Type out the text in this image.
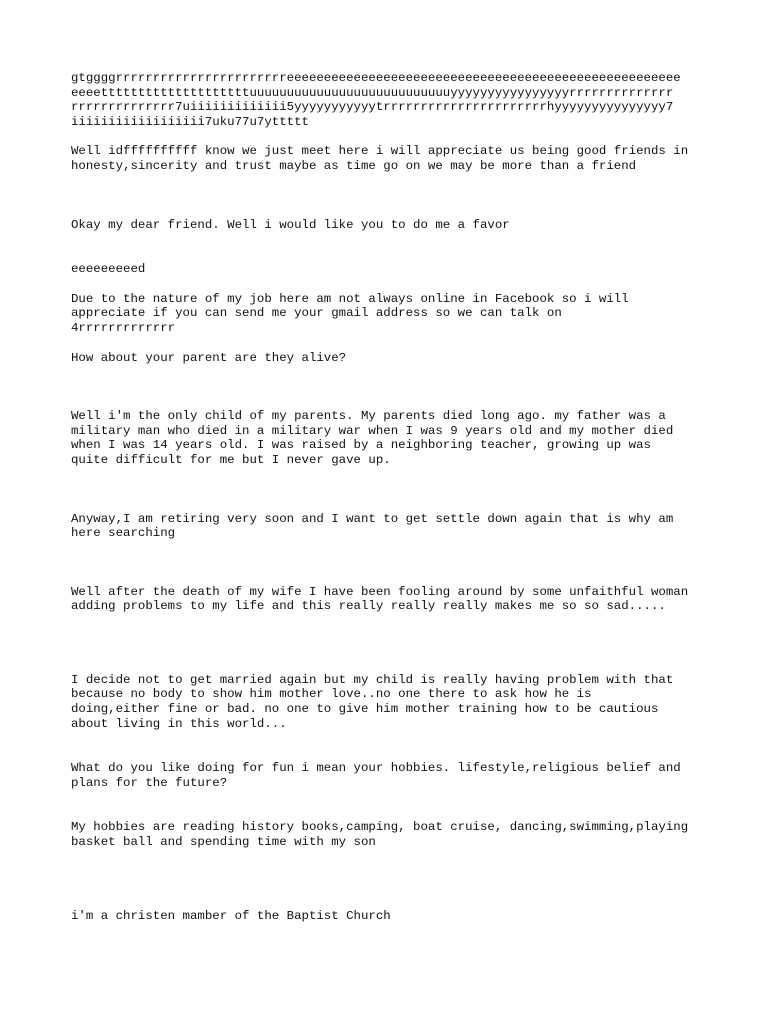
gtggggrrrrrrrrrrrrrrrrrrrrrrreeeeeeeeeeeeeeeeeeeeeeeeeeeeeeeeeeeeeeeeeeeeeeeeeeeee
eeeettttttttttttttttttttuuuuuuuuuuuuuuuuuuuuuuuuuuuyyyyyyyyyyyyyyyyrrrrrrrrrrrrrr
rrrrrrrrrrrrrr7uiiiiiiiiiiiii5yyyyyyyyyyytrrrrrrrrrrrrrrrrrrrrrrhyyyyyyyyyyyyyyy7
iiiiiiiiiiiiiiiiii7uku77u7yttttt

Well idffffffffff know we just meet here i will appreciate us being good friends in
honesty,sincerity and trust maybe as time go on we may be more than a friend

Okay my dear friend. Well i would like you to do me a favor

eeeeeeeeed

Due to the nature of my job here am not always online in Facebook so i will
appreciate if you can send me your gmail address so we can talk on
4rrrrrrrrrrrrr

How about your parent are they alive?

Well i'm the only child of my parents. My parents died long ago. my father was a
military man who died in a military war when I was 9 years old and my mother died
when I was 14 years old. I was raised by a neighboring teacher, growing up was
quite difficult for me but I never gave up.

Anyway,I am retiring very soon and I want to get settle down again that is why am
here searching

Well after the death of my wife I have been fooling around by some unfaithful woman
adding problems to my life and this really really really makes me so so sad.....

I decide not to get married again but my child is really having problem with that
because no body to show him mother love..no one there to ask how he is
doing,either fine or bad. no one to give him mother training how to be cautious
about living in this world...

What do you like doing for fun i mean your hobbies. lifestyle,religious belief and
plans for the future?

My hobbies are reading history books,camping, boat cruise, dancing,swimming,playing
basket ball and spending time with my son

i'm a christen mamber of the Baptist Church
